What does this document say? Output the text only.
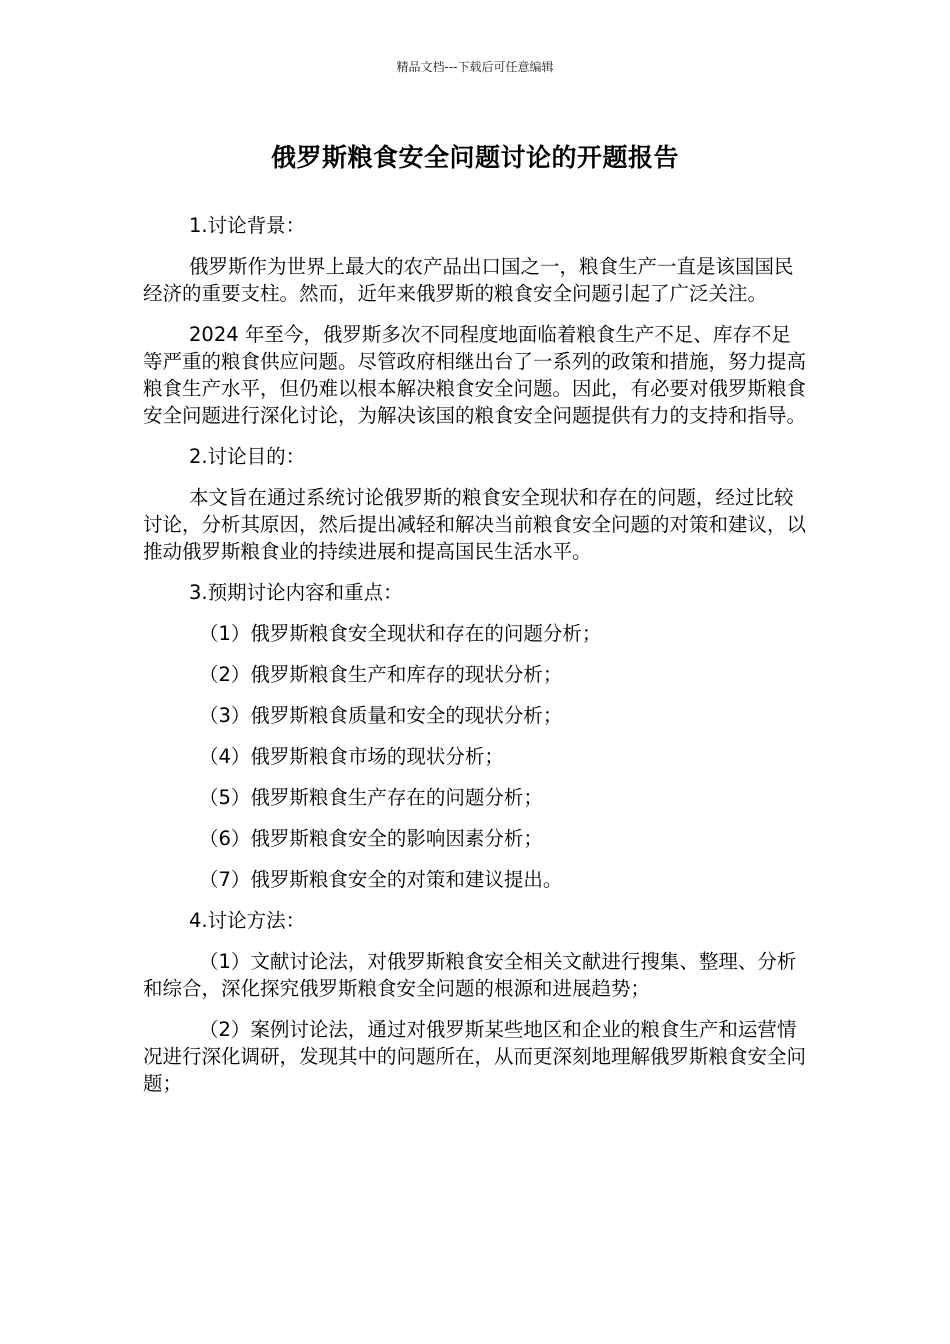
精品文档---下载后可任意编辑
俄罗斯粮食安全问题讨论的开题报告

1.讨论背景：

俄罗斯作为世界上最大的农产品出口国之一，粮食生产一直是该国国民经济的重要支柱。然而，近年来俄罗斯的粮食安全问题引起了广泛关注。

2024 年至今，俄罗斯多次不同程度地面临着粮食生产不足、库存不足等严重的粮食供应问题。尽管政府相继出台了一系列的政策和措施，努力提高粮食生产水平，但仍难以根本解决粮食安全问题。因此，有必要对俄罗斯粮食安全问题进行深化讨论，为解决该国的粮食安全问题提供有力的支持和指导。

2.讨论目的：

本文旨在通过系统讨论俄罗斯的粮食安全现状和存在的问题，经过比较讨论，分析其原因，然后提出减轻和解决当前粮食安全问题的对策和建议，以推动俄罗斯粮食业的持续进展和提高国民生活水平。

3.预期讨论内容和重点：

（1）俄罗斯粮食安全现状和存在的问题分析；

（2）俄罗斯粮食生产和库存的现状分析；

（3）俄罗斯粮食质量和安全的现状分析；

（4）俄罗斯粮食市场的现状分析；

（5）俄罗斯粮食生产存在的问题分析；

（6）俄罗斯粮食安全的影响因素分析；

（7）俄罗斯粮食安全的对策和建议提出。

4.讨论方法：

（1）文献讨论法，对俄罗斯粮食安全相关文献进行搜集、整理、分析和综合，深化探究俄罗斯粮食安全问题的根源和进展趋势；

（2）案例讨论法，通过对俄罗斯某些地区和企业的粮食生产和运营情况进行深化调研，发现其中的问题所在，从而更深刻地理解俄罗斯粮食安全问题；
